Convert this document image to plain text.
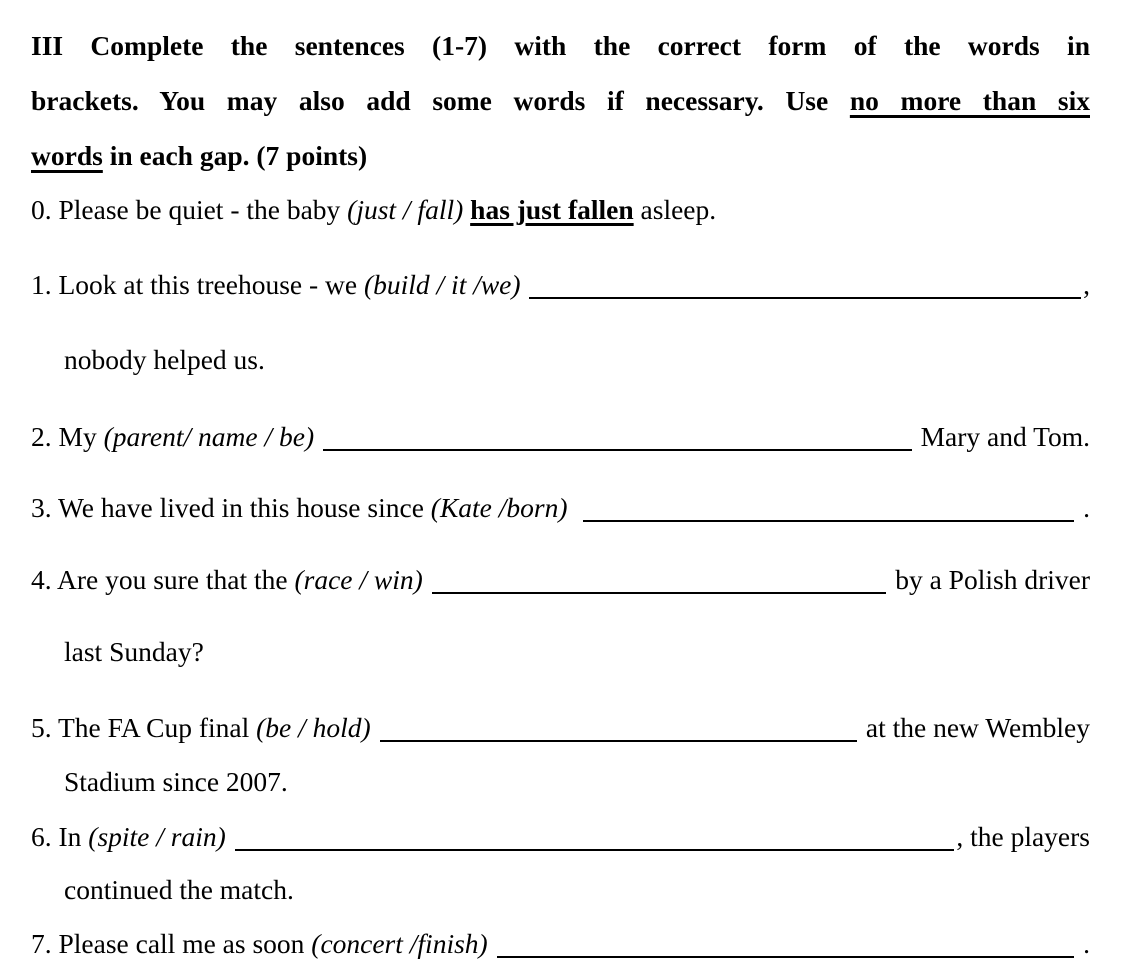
III Complete the sentences (1-7) with the correct form of the words in
brackets. You may also add some words if necessary. Use no more than six
words in each gap. (7 points)
0. Please be quiet - the baby (just / fall) has just fallen asleep.
1. Look at this treehouse - we (build / it /we)	,
nobody helped us.
2. My (parent/ name / be)	Mary and Tom.
3. We have lived in this house since (Kate /born)	.
4. Are you sure that the (race / win)	by a Polish driver
last Sunday?
5. The FA Cup final (be / hold)	at the new Wembley
Stadium since 2007.
6. In (spite / rain)	, the players
continued the match.
7. Please call me as soon (concert /finish)	.
